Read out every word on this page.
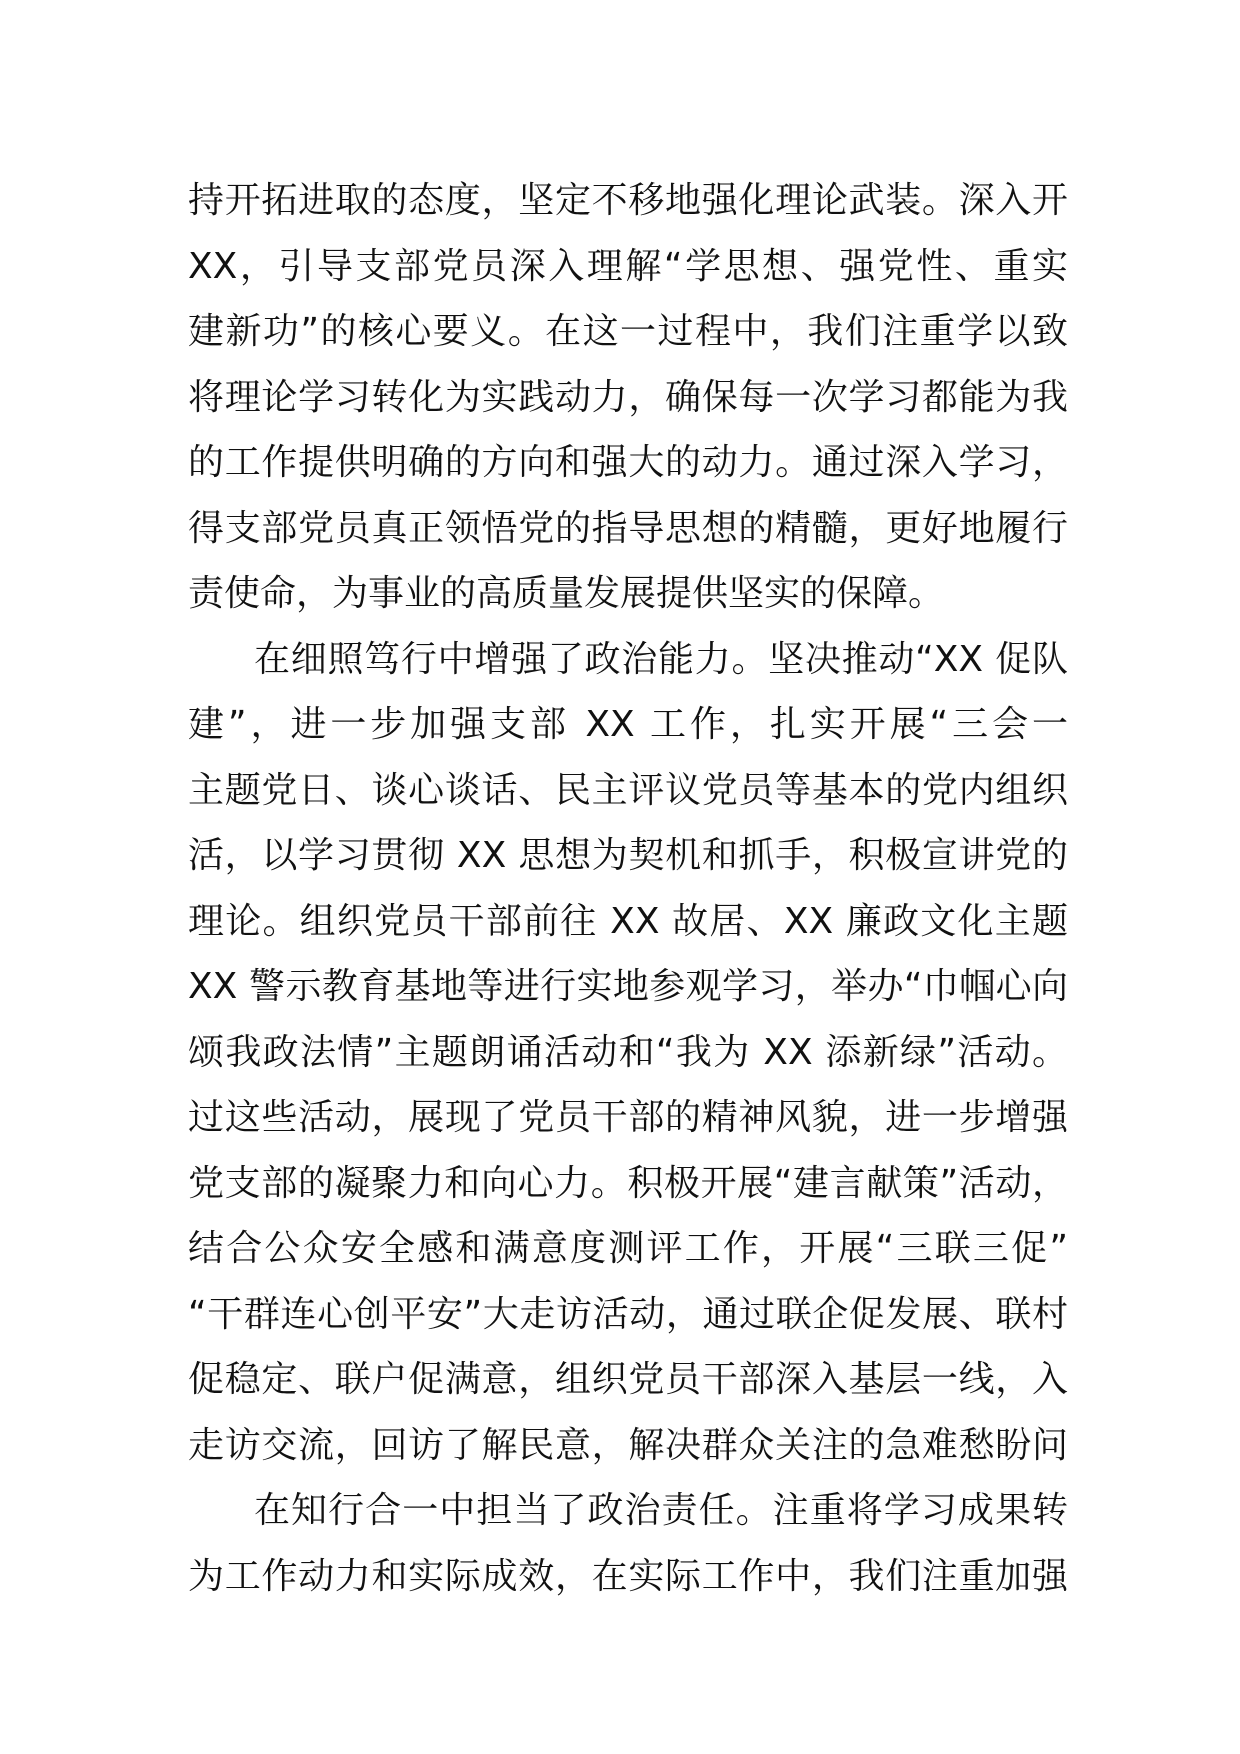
持开拓进取的态度，坚定不移地强化理论武装。深入开
XX，引导支部党员深入理解“学思想、强党性、重实
建新功”的核心要义。在这一过程中，我们注重学以致
将理论学习转化为实践动力，确保每一次学习都能为我
的工作提供明确的方向和强大的动力。通过深入学习，
得支部党员真正领悟党的指导思想的精髓，更好地履行
责使命，为事业的高质量发展提供坚实的保障。
在细照笃行中增强了政治能力。坚决推动“XX 促队
建”，进一步加强支部 XX 工作，扎实开展“三会一
主题党日、谈心谈话、民主评议党员等基本的党内组织
活，以学习贯彻 XX 思想为契机和抓手，积极宣讲党的
理论。组织党员干部前往 XX 故居、XX 廉政文化主题
XX 警示教育基地等进行实地参观学习，举办“巾帼心向
颂我政法情”主题朗诵活动和“我为 XX 添新绿”活动。
过这些活动，展现了党员干部的精神风貌，进一步增强
党支部的凝聚力和向心力。积极开展“建言献策”活动，
结合公众安全感和满意度测评工作，开展“三联三促”
“干群连心创平安”大走访活动，通过联企促发展、联村
促稳定、联户促满意，组织党员干部深入基层一线，入
走访交流，回访了解民意，解决群众关注的急难愁盼问
在知行合一中担当了政治责任。注重将学习成果转
为工作动力和实际成效，在实际工作中，我们注重加强
